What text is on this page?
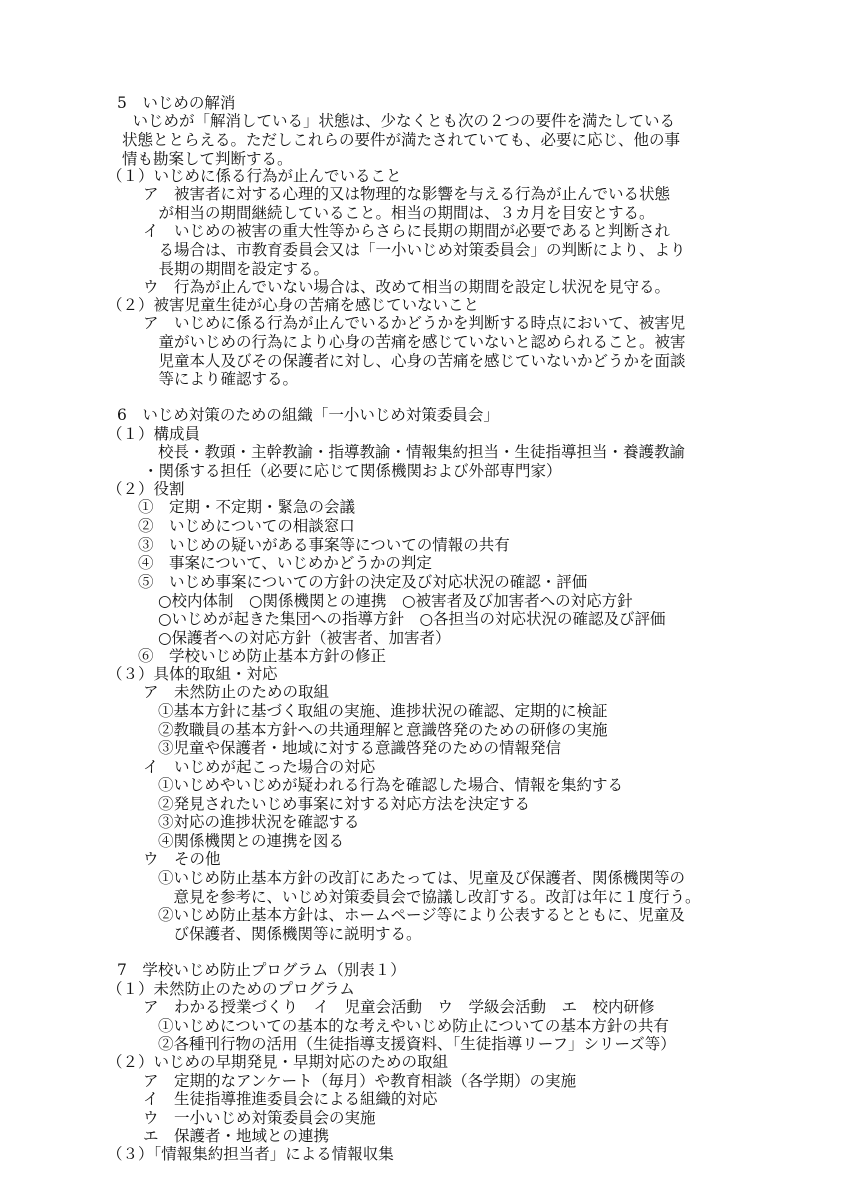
5　いじめの解消
　いじめが「解消している」状態は、少なくとも次の２つの要件を満たしている
状態ととらえる。ただしこれらの要件が満たされていても、必要に応じ、他の事
情も勘案して判断する。
（１）いじめに係る行為が止んでいること
ア　被害者に対する心理的又は物理的な影響を与える行為が止んでいる状態
　が相当の期間継続していること。相当の期間は、３カ月を目安とする。
イ　いじめの被害の重大性等からさらに長期の期間が必要であると判断され
　る場合は、市教育委員会又は「一小いじめ対策委員会」の判断により、より
　長期の期間を設定する。
ウ　行為が止んでいない場合は、改めて相当の期間を設定し状況を見守る。
（２）被害児童生徒が心身の苦痛を感じていないこと
ア　いじめに係る行為が止んでいるかどうかを判断する時点において、被害児
　童がいじめの行為により心身の苦痛を感じていないと認められること。被害
　児童本人及びその保護者に対し、心身の苦痛を感じていないかどうかを面談
　等により確認する。
6　いじめ対策のための組織「一小いじめ対策委員会」
（１）構成員
校長・教頭・主幹教諭・指導教諭・情報集約担当・生徒指導担当・養護教諭
・関係する担任（必要に応じて関係機関および外部専門家）
（２）役割
①　定期・不定期・緊急の会議
②　いじめについての相談窓口
③　いじめの疑いがある事案等についての情報の共有
④　事案について、いじめかどうかの判定
⑤　いじめ事案についての方針の決定及び対応状況の確認・評価
○校内体制　○関係機関との連携　○被害者及び加害者への対応方針
○いじめが起きた集団への指導方針　○各担当の対応状況の確認及び評価
○保護者への対応方針（被害者、加害者）
⑥　学校いじめ防止基本方針の修正
（３）具体的取組・対応
ア　未然防止のための取組
①基本方針に基づく取組の実施、進捗状況の確認、定期的に検証
②教職員の基本方針への共通理解と意識啓発のための研修の実施
③児童や保護者・地域に対する意識啓発のための情報発信
イ　いじめが起こった場合の対応
①いじめやいじめが疑われる行為を確認した場合、情報を集約する
②発見されたいじめ事案に対する対応方法を決定する
③対応の進捗状況を確認する
④関係機関との連携を図る
ウ　その他
①いじめ防止基本方針の改訂にあたっては、児童及び保護者、関係機関等の
　意見を参考に、いじめ対策委員会で協議し改訂する。改訂は年に１度行う。
②いじめ防止基本方針は、ホームページ等により公表するとともに、児童及
　び保護者、関係機関等に説明する。
7　学校いじめ防止プログラム（別表１）
（１）未然防止のためのプログラム
ア　わかる授業づくり　イ　児童会活動　ウ　学級会活動　エ　校内研修
①いじめについての基本的な考えやいじめ防止についての基本方針の共有
②各種刊行物の活用（生徒指導支援資料、「生徒指導リーフ」シリーズ等）
（２）いじめの早期発見・早期対応のための取組
ア　定期的なアンケート（毎月）や教育相談（各学期）の実施
イ　生徒指導推進委員会による組織的対応
ウ　一小いじめ対策委員会の実施
エ　保護者・地域との連携
（３）「情報集約担当者」による情報収集
